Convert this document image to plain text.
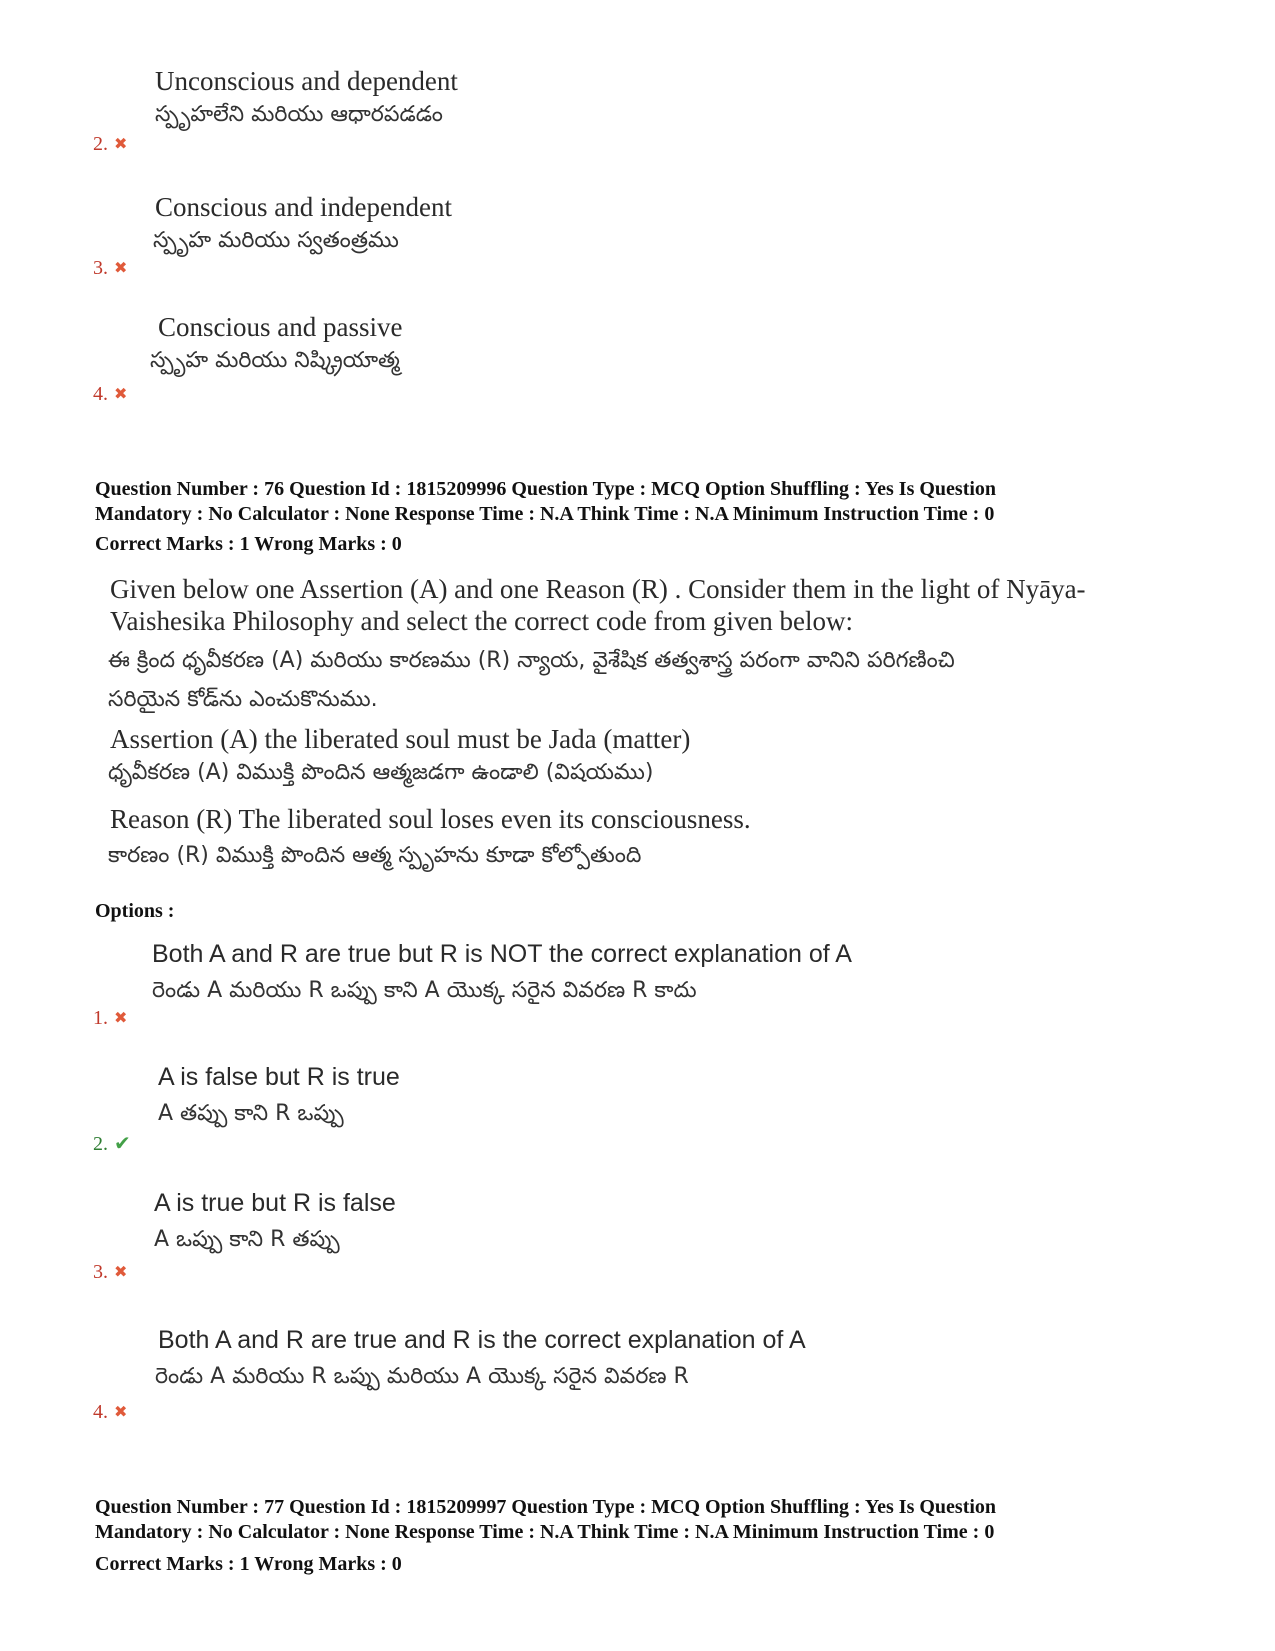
Unconscious and dependent
స్పృహలేని మరియు ఆధారపడడం
2. ✖
Conscious and independent
స్పృహ మరియు స్వతంత్రము
3. ✖
Conscious and passive
స్పృహ మరియు నిష్క్రియాత్మ
4. ✖
Question Number : 76 Question Id : 1815209996 Question Type : MCQ Option Shuffling : Yes Is Question
Mandatory : No Calculator : None Response Time : N.A Think Time : N.A Minimum Instruction Time : 0
Correct Marks : 1 Wrong Marks : 0
Given below one Assertion (A) and one Reason (R) . Consider them in the light of Nyāya-
Vaishesika Philosophy and select the correct code from given below:
ఈ క్రింద ధృవీకరణ (A) మరియు కారణము (R) న్యాయ, వైశేషిక తత్వశాస్త్ర పరంగా వానిని పరిగణించి
సరియైన కోడ్‌ను ఎంచుకొనుము.
Assertion (A) the liberated soul must be Jada (matter)
ధృవీకరణ (A) విముక్తి పొందిన ఆత్మజడగా ఉండాలి (విషయము)
Reason (R) The liberated soul loses even its consciousness.
కారణం (R) విముక్తి పొందిన ఆత్మ స్పృహను కూడా కోల్పోతుంది
Options :
Both A and R are true but R is NOT the correct explanation of A
రెండు A మరియు R ఒప్పు కాని A యొక్క సరైన వివరణ R కాదు
1. ✖
A is false but R is true
A తప్పు కాని R ఒప్పు
2. ✔
A is true but R is false
A ఒప్పు కాని R తప్పు
3. ✖
Both A and R are true and R is the correct explanation of A
రెండు A మరియు R ఒప్పు మరియు A యొక్క సరైన వివరణ R
4. ✖
Question Number : 77 Question Id : 1815209997 Question Type : MCQ Option Shuffling : Yes Is Question
Mandatory : No Calculator : None Response Time : N.A Think Time : N.A Minimum Instruction Time : 0
Correct Marks : 1 Wrong Marks : 0
